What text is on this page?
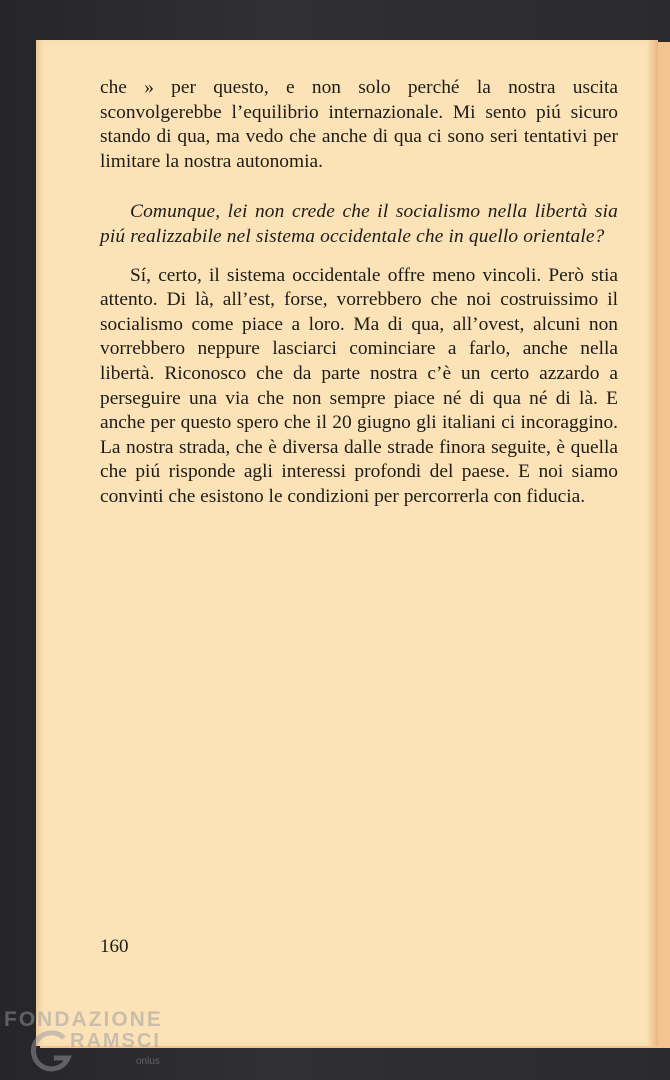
che » per questo, e non solo perché la nostra uscita sconvolgerebbe l’equilibrio internazionale. Mi sento piú sicuro stando di qua, ma vedo che anche di qua ci sono seri tentativi per limitare la nostra autonomia.

Comunque, lei non crede che il socialismo nella libertà sia piú realizzabile nel sistema occidentale che in quello orientale?

Sí, certo, il sistema occidentale offre meno vincoli. Però stia attento. Di là, all’est, forse, vorrebbero che noi costruissimo il socialismo come piace a loro. Ma di qua, all’ovest, alcuni non vorrebbero neppure lasciarci cominciare a farlo, anche nella libertà. Riconosco che da parte nostra c’è un certo azzardo a perseguire una via che non sempre piace né di qua né di là. E anche per questo spero che il 20 giugno gli italiani ci incoraggino. La nostra strada, che è diversa dalle strade finora seguite, è quella che piú risponde agli interessi profondi del paese. E noi siamo convinti che esistono le condizioni per percorrerla con fiducia.

160
FONDAZIONE
RAMSCI
onlus
